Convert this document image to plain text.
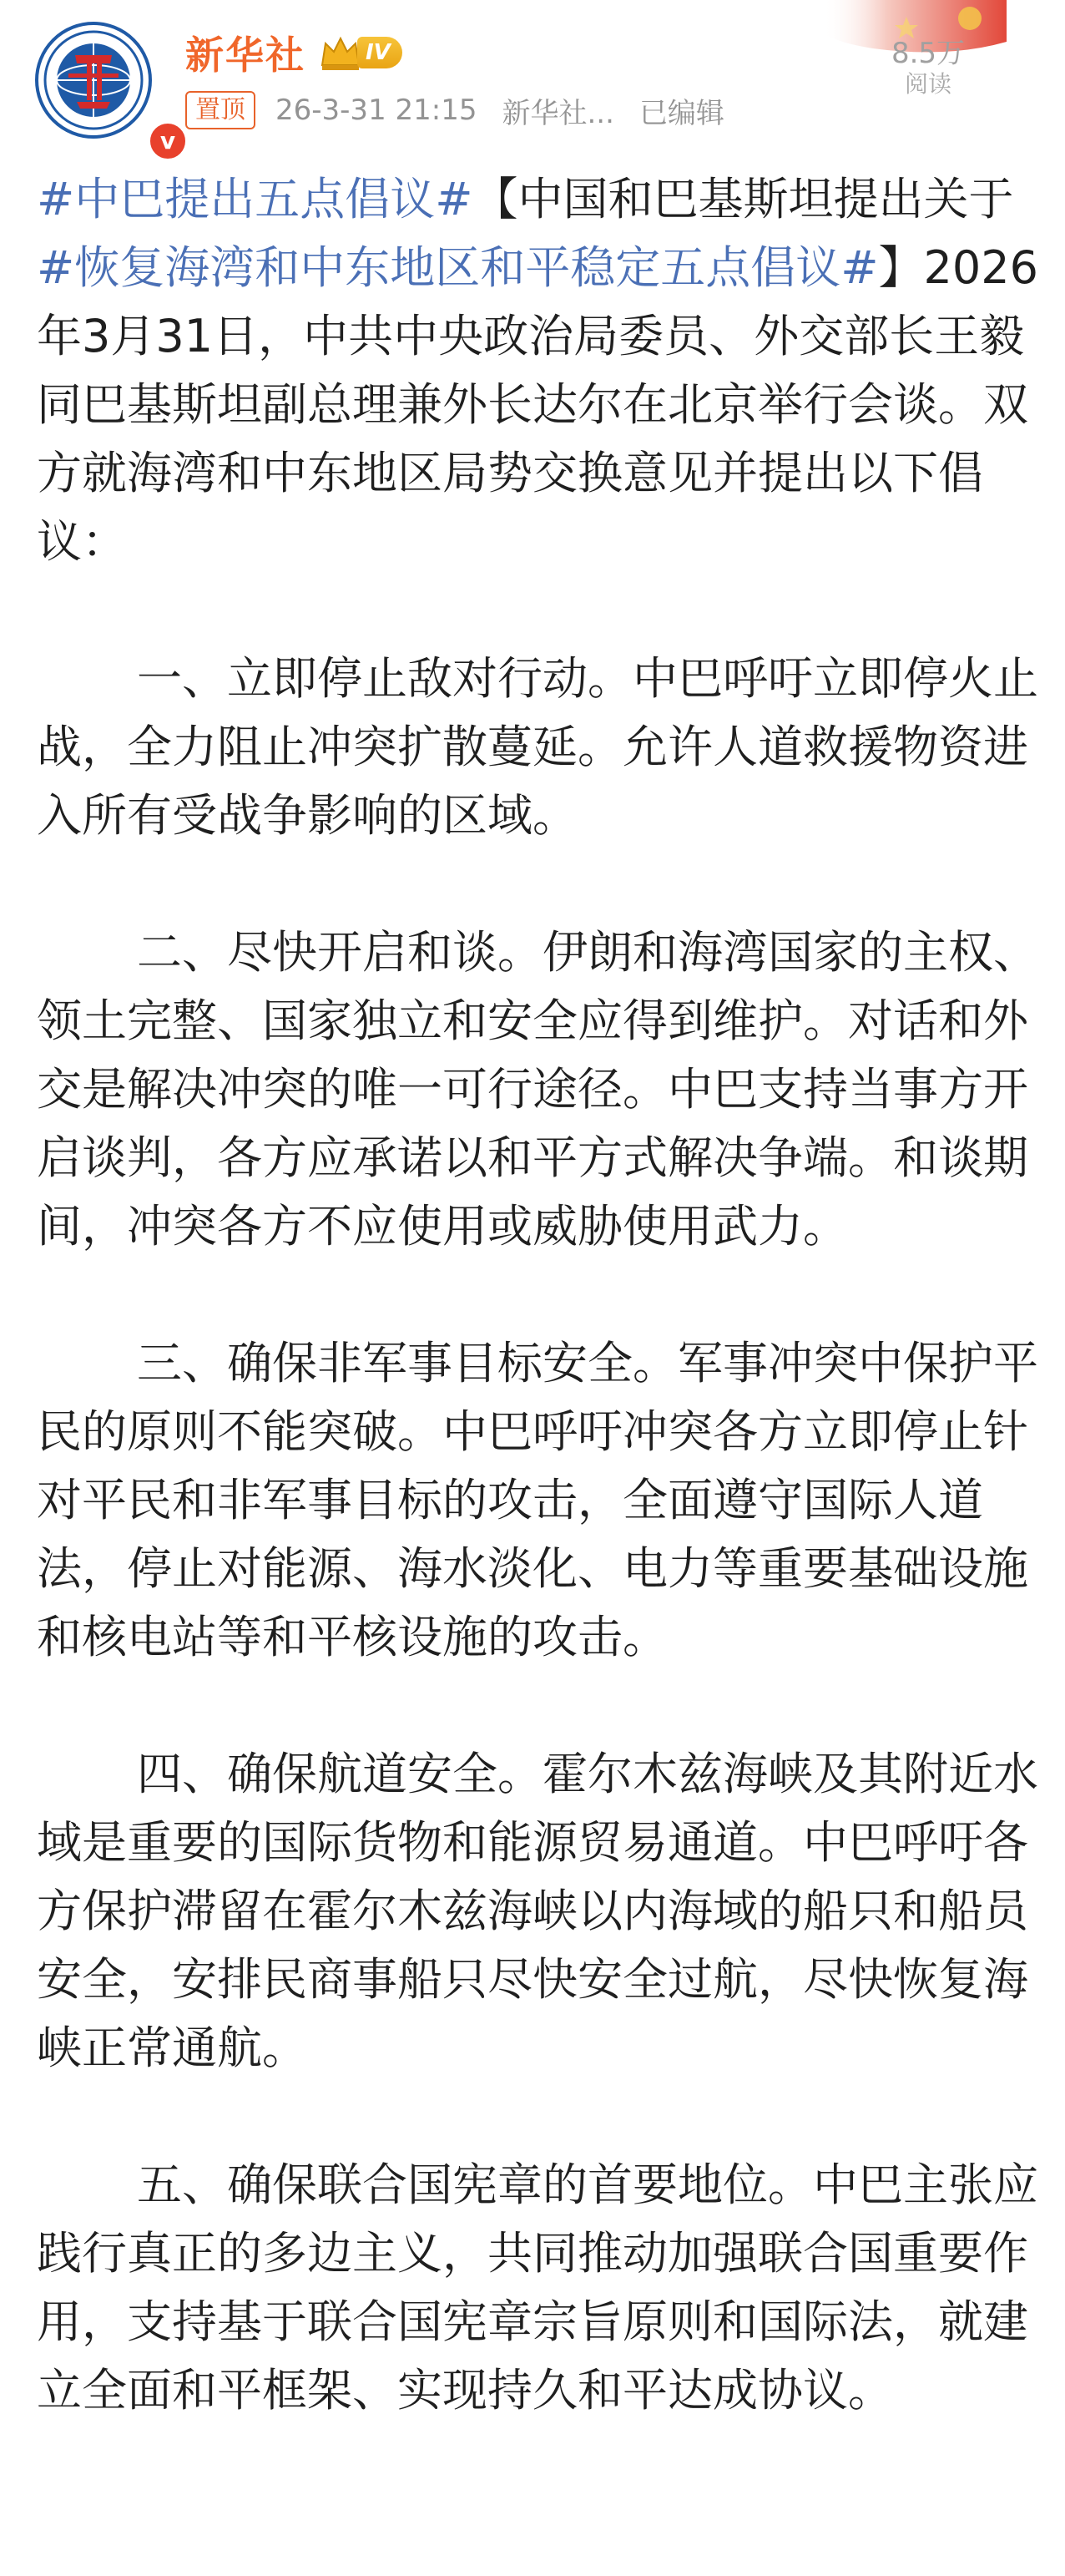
v
新华社	IV
置顶	26-3-31 21:15 新华社... 已编辑
8.5万
阅读

#中巴提出五点倡议#【中国和巴基斯坦提出关于#恢复海湾和中东地区和平稳定五点倡议#】2026年3月31日，中共中央政治局委员、外交部长王毅同巴基斯坦副总理兼外长达尔在北京举行会谈。双方就海湾和中东地区局势交换意见并提出以下倡议：

一、立即停止敌对行动。中巴呼吁立即停火止战，全力阻止冲突扩散蔓延。允许人道救援物资进入所有受战争影响的区域。

二、尽快开启和谈。伊朗和海湾国家的主权、领土完整、国家独立和安全应得到维护。对话和外交是解决冲突的唯一可行途径。中巴支持当事方开启谈判，各方应承诺以和平方式解决争端。和谈期间，冲突各方不应使用或威胁使用武力。

三、确保非军事目标安全。军事冲突中保护平民的原则不能突破。中巴呼吁冲突各方立即停止针对平民和非军事目标的攻击，全面遵守国际人道法，停止对能源、海水淡化、电力等重要基础设施和核电站等和平核设施的攻击。

四、确保航道安全。霍尔木兹海峡及其附近水域是重要的国际货物和能源贸易通道。中巴呼吁各方保护滞留在霍尔木兹海峡以内海域的船只和船员安全，安排民商事船只尽快安全过航，尽快恢复海峡正常通航。

五、确保联合国宪章的首要地位。中巴主张应践行真正的多边主义，共同推动加强联合国重要作用，支持基于联合国宪章宗旨原则和国际法，就建立全面和平框架、实现持久和平达成协议。
